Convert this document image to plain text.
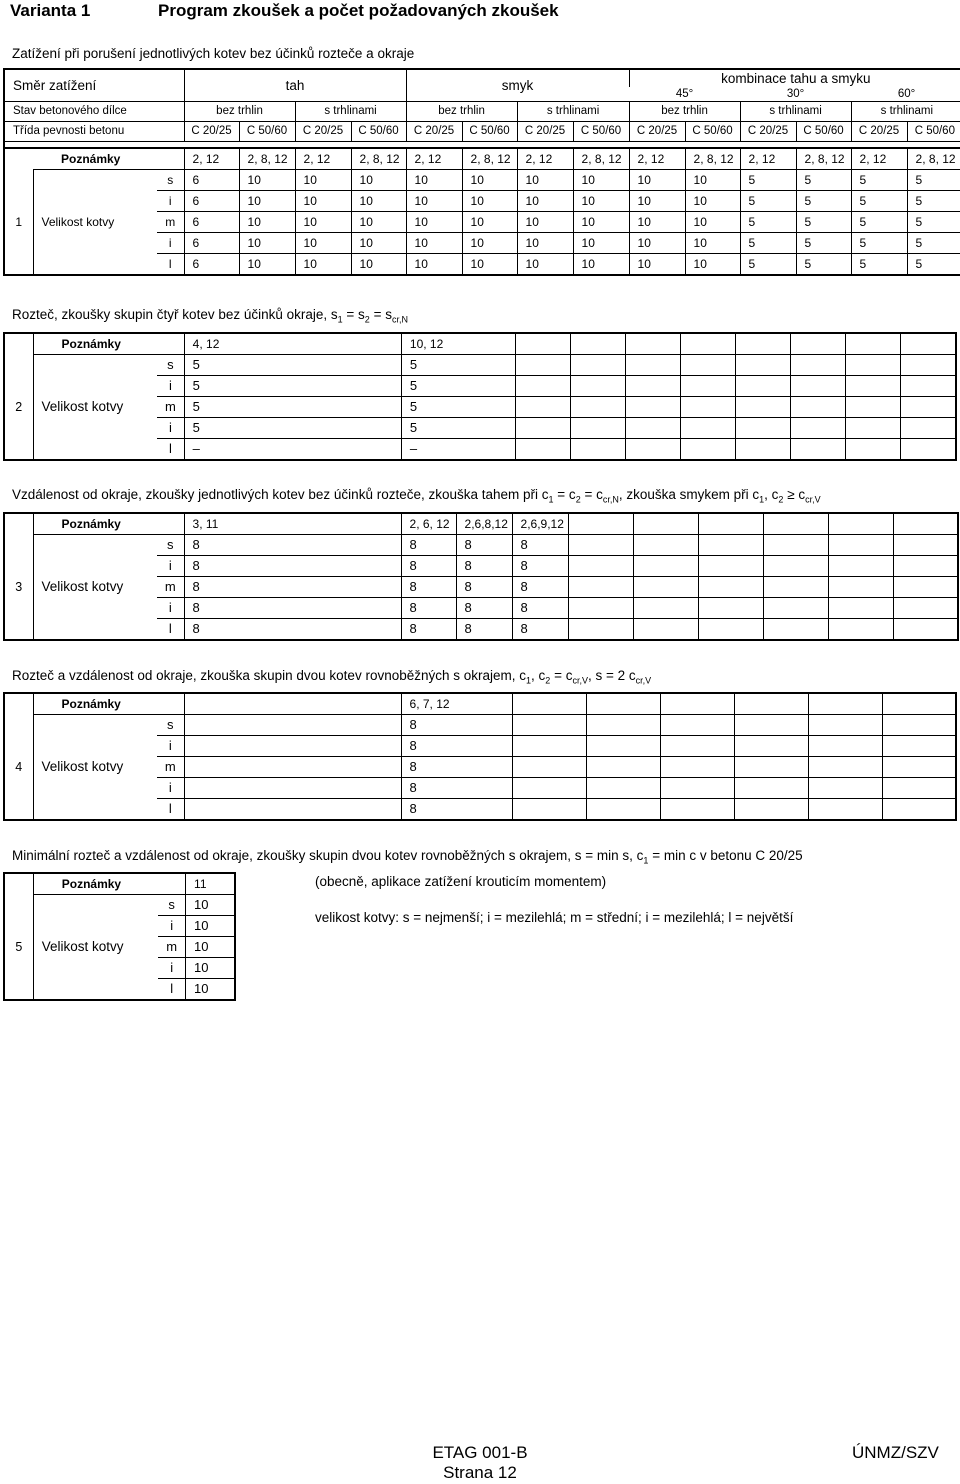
Varianta 1	Program zkoušek a počet požadovaných zkoušek
Zatížení při porušení jednotlivých kotev bez účinků rozteče a okraje
Směr zatížení			tah				smyk				kombinace tahu a smyku					
											45°		30°		60°	
Stav betonového dílce			bez trhlin		s trhlinami		bez trhlin		s trhlinami		bez trhlin		s trhlinami		s trhlinami	
Třída pevnosti betonu			C 20/25	C 50/60	C 20/25	C 50/60	C 20/25	C 50/60	C 20/25	C 50/60	C 20/25	C 50/60	C 20/25	C 50/60	C 20/25	C 50/60

	Poznámky		2, 12	2, 8, 12	2, 12	2, 8, 12	2, 12	2, 8, 12	2, 12	2, 8, 12	2, 12	2, 8, 12	2, 12	2, 8, 12	2, 12	2, 8, 12
1	Velikost kotvy	s	6	10	10	10	10	10	10	10	10	10	5	5	5	5
		i	6	10	10	10	10	10	10	10	10	10	5	5	5	5
		m	6	10	10	10	10	10	10	10	10	10	5	5	5	5
		i	6	10	10	10	10	10	10	10	10	10	5	5	5	5
		l	6	10	10	10	10	10	10	10	10	10	5	5	5	5
Rozteč, zkoušky skupin čtyř kotev bez účinků okraje, $s_1 = s_2 = s_{cr,N}$
	Poznámky		4, 12	10, 12								
2	Velikost kotvy	s	5	5								
		i	5	5								
		m	5	5								
		i	5	5								
		l	–	–								
Vzdálenost od okraje, zkoušky jednotlivých kotev bez účinků rozteče, zkouška tahem při $c_1 = c_2 = c_{cr,N}$, zkouška smykem při $c_1$, $c_2 \ge c_{cr,V}$
	Poznámky		3, 11	2, 6, 12	2,6,8,12	2,6,9,12						
3	Velikost kotvy	s	8	8	8	8						
		i	8	8	8	8						
		m	8	8	8	8						
		i	8	8	8	8						
		l	8	8	8	8						
Rozteč a vzdálenost od okraje, zkouška skupin dvou kotev rovnoběžných s okrajem, $c_1$, $c_2 = c_{cr,V}$, s = 2 $c_{cr,V}$
	Poznámky			6, 7, 12						
4	Velikost kotvy	s		8						
		i		8						
		m		8						
		i		8						
		l		8						
Minimální rozteč a vzdálenost od okraje, zkoušky skupin dvou kotev rovnoběžných s okrajem, s = min s, $c_1 = \min c$ v betonu C 20/25
	Poznámky		11
5	Velikost kotvy	s	10
		i	10
		m	10
		i	10
		l	10
(obecně, aplikace zatížení krouticím momentem)
velikost kotvy: s = nejmenší; i = mezilehlá; m = střední; i = mezilehlá; l = největší
ETAG 001-B
Strana 12
ÚNMZ/SZV
